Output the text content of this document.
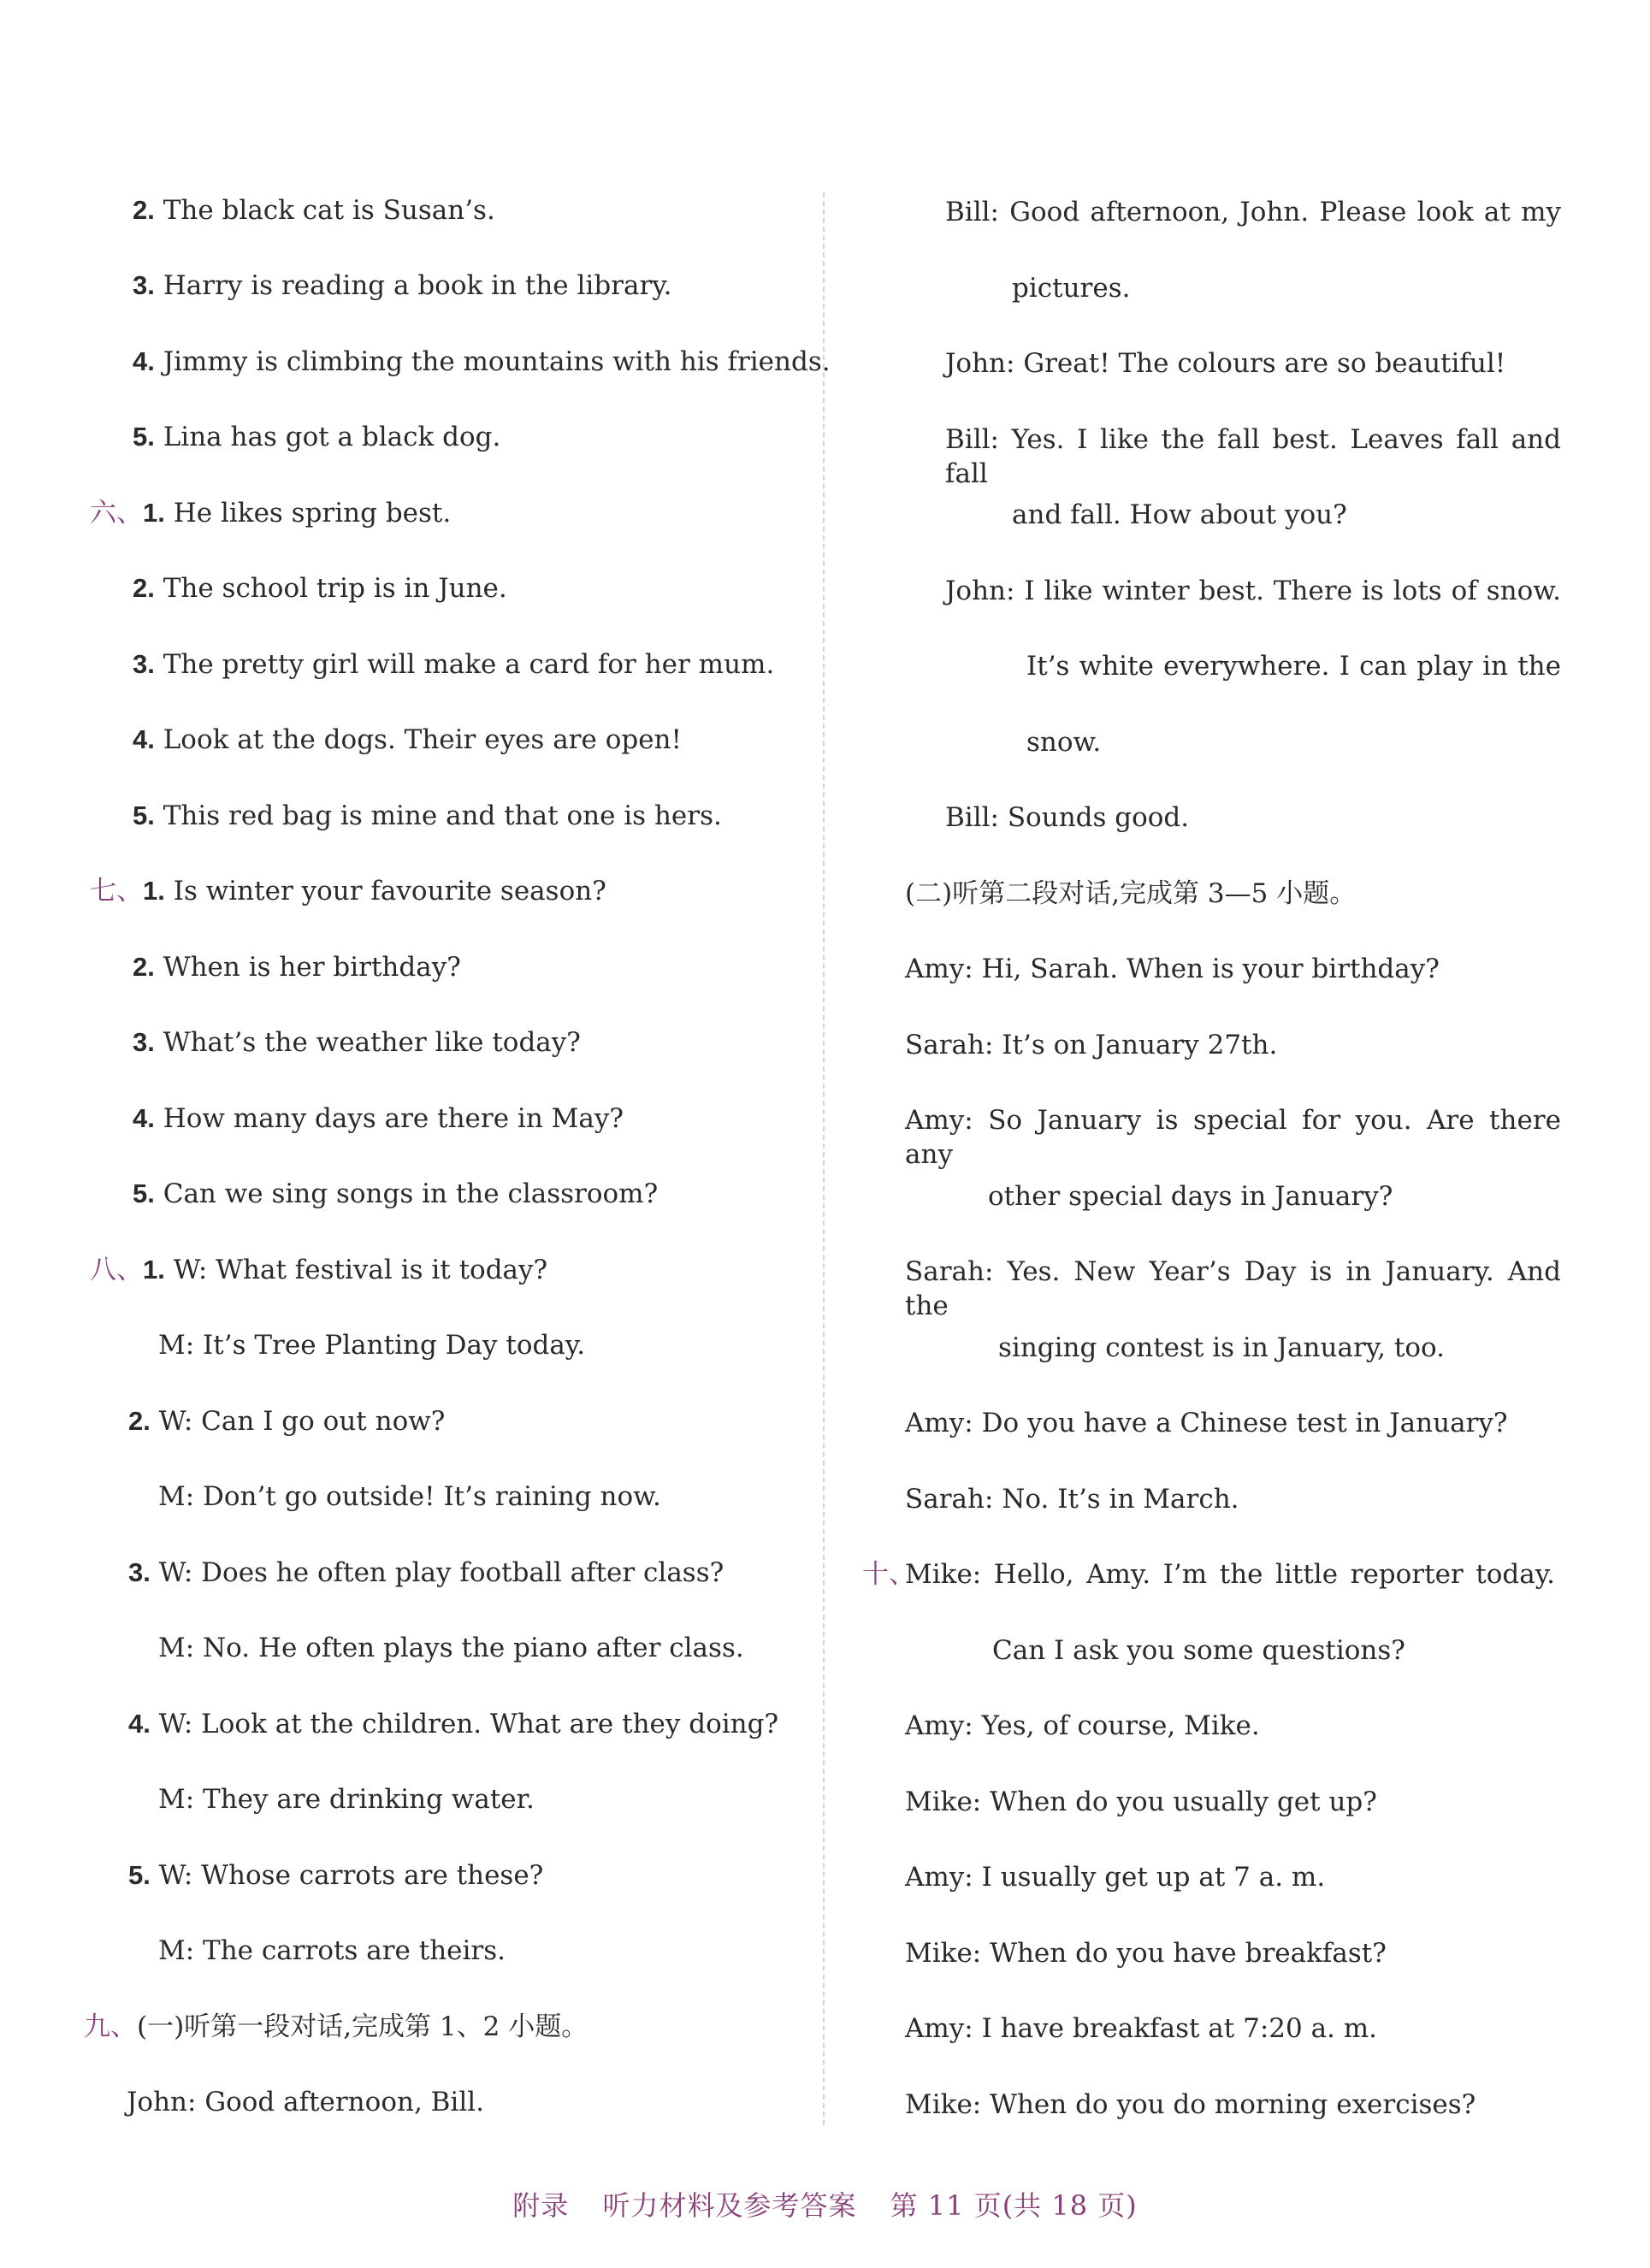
2. The black cat is Susan’s.
3. Harry is reading a book in the library.
4. Jimmy is climbing the mountains with his friends.
5. Lina has got a black dog.
六、1. He likes spring best.
2. The school trip is in June.
3. The pretty girl will make a card for her mum.
4. Look at the dogs. Their eyes are open!
5. This red bag is mine and that one is hers.
七、1. Is winter your favourite season?
2. When is her birthday?
3. What’s the weather like today?
4. How many days are there in May?
5. Can we sing songs in the classroom?
八、1. W: What festival is it today?
M: It’s Tree Planting Day today.
2. W: Can I go out now?
M: Don’t go outside! It’s raining now.
3. W: Does he often play football after class?
M: No. He often plays the piano after class.
4. W: Look at the children. What are they doing?
M: They are drinking water.
5. W: Whose carrots are these?
M: The carrots are theirs.
九、(一)听第一段对话,完成第 1、2 小题。
John: Good afternoon, Bill.
Bill: Good afternoon, John. Please look at my
pictures.
John: Great! The colours are so beautiful!
Bill: Yes. I like the fall best. Leaves fall and fall
and fall. How about you?
John: I like winter best. There is lots of snow.
It’s white everywhere. I can play in the
snow.
Bill: Sounds good.
(二)听第二段对话,完成第 3—5 小题。
Amy: Hi, Sarah. When is your birthday?
Sarah: It’s on January 27th.
Amy: So January is special for you. Are there any
other special days in January?
Sarah: Yes. New Year’s Day is in January. And the
singing contest is in January, too.
Amy: Do you have a Chinese test in January?
Sarah: No. It’s in March.
十、
Mike: Hello, Amy. I’m the little reporter today.
Can I ask you some questions?
Amy: Yes, of course, Mike.
Mike: When do you usually get up?
Amy: I usually get up at 7 a. m.
Mike: When do you have breakfast?
Amy: I have breakfast at 7:20 a. m.
Mike: When do you do morning exercises?
附录 听力材料及参考答案 第 11 页(共 18 页)
